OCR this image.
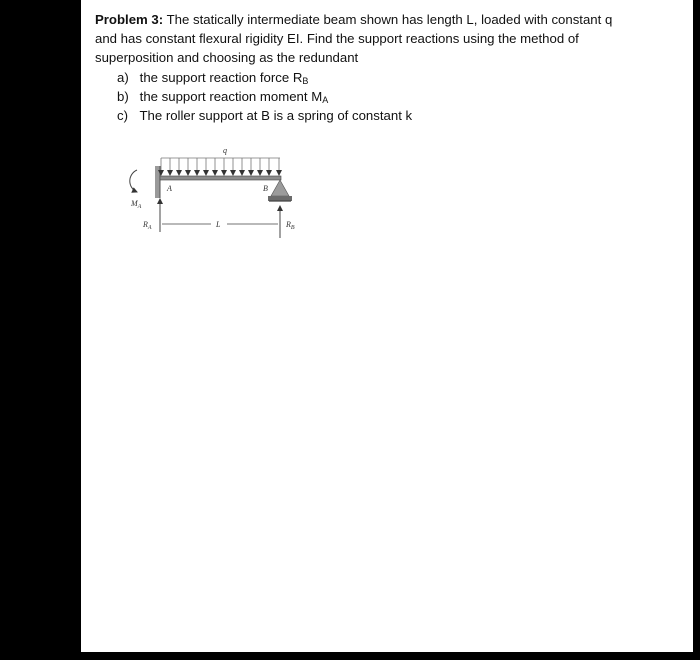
Problem 3: The statically intermediate beam shown has length L, loaded with constant q and has constant flexural rigidity EI. Find the support reactions using the method of superposition and choosing as the redundant

a) the support reaction force $R_B$
b) the support reaction moment $M_A$
c) The roller support at B is a spring of constant k
q
A	B
$M_A$
$R_A$	$R_B$
L
